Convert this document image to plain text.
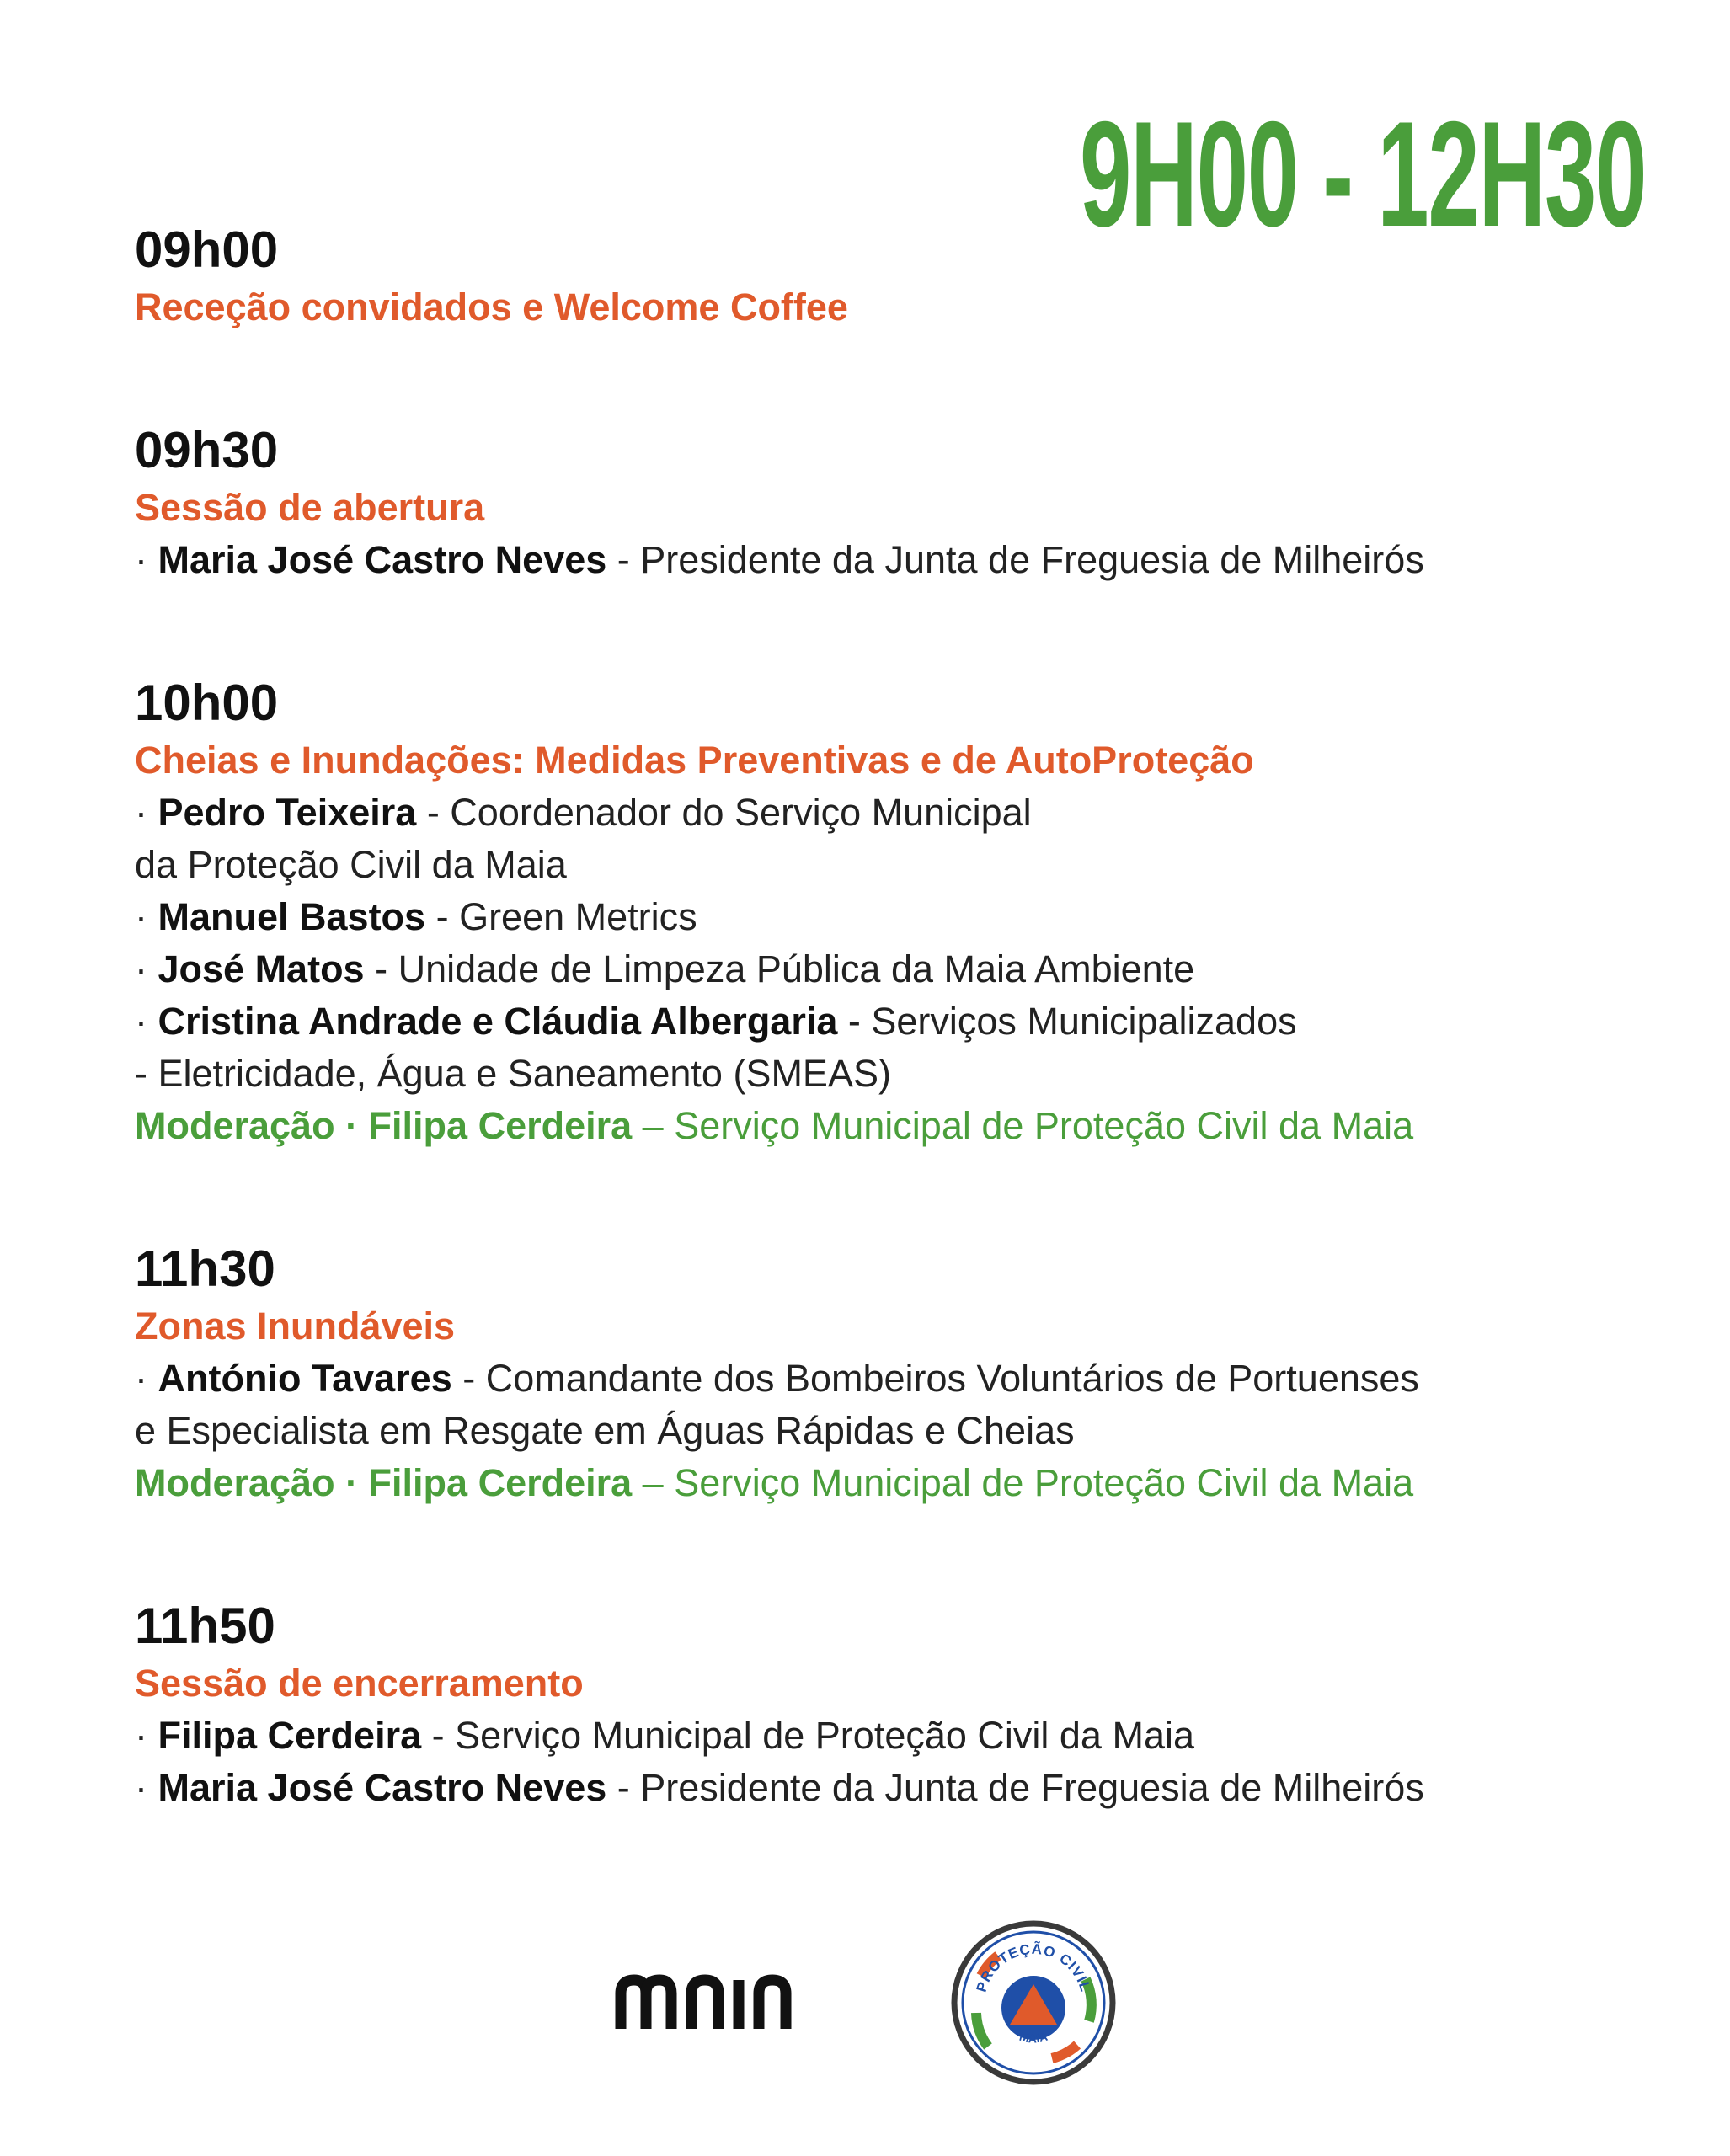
9H00 - 12H30
09h00
Receção convidados e Welcome Coffee
09h30
Sessão de abertura
· Maria José Castro Neves - Presidente da Junta de Freguesia de Milheirós
10h00
Cheias e Inundações: Medidas Preventivas e de AutoProteção
· Pedro Teixeira - Coordenador do Serviço Municipal
da Proteção Civil da Maia
· Manuel Bastos - Green Metrics
· José Matos - Unidade de Limpeza Pública da Maia Ambiente
· Cristina Andrade e Cláudia Albergaria - Serviços Municipalizados
- Eletricidade, Água e Saneamento (SMEAS)
Moderação · Filipa Cerdeira – Serviço Municipal de Proteção Civil da Maia
11h30
Zonas Inundáveis
· António Tavares - Comandante dos Bombeiros Voluntários de Portuenses
e Especialista em Resgate em Águas Rápidas e Cheias
Moderação · Filipa Cerdeira – Serviço Municipal de Proteção Civil da Maia
11h50
Sessão de encerramento
· Filipa Cerdeira - Serviço Municipal de Proteção Civil da Maia
· Maria José Castro Neves - Presidente da Junta de Freguesia de Milheirós
MAIA
PROTEÇÃO CIVIL
MAIA
